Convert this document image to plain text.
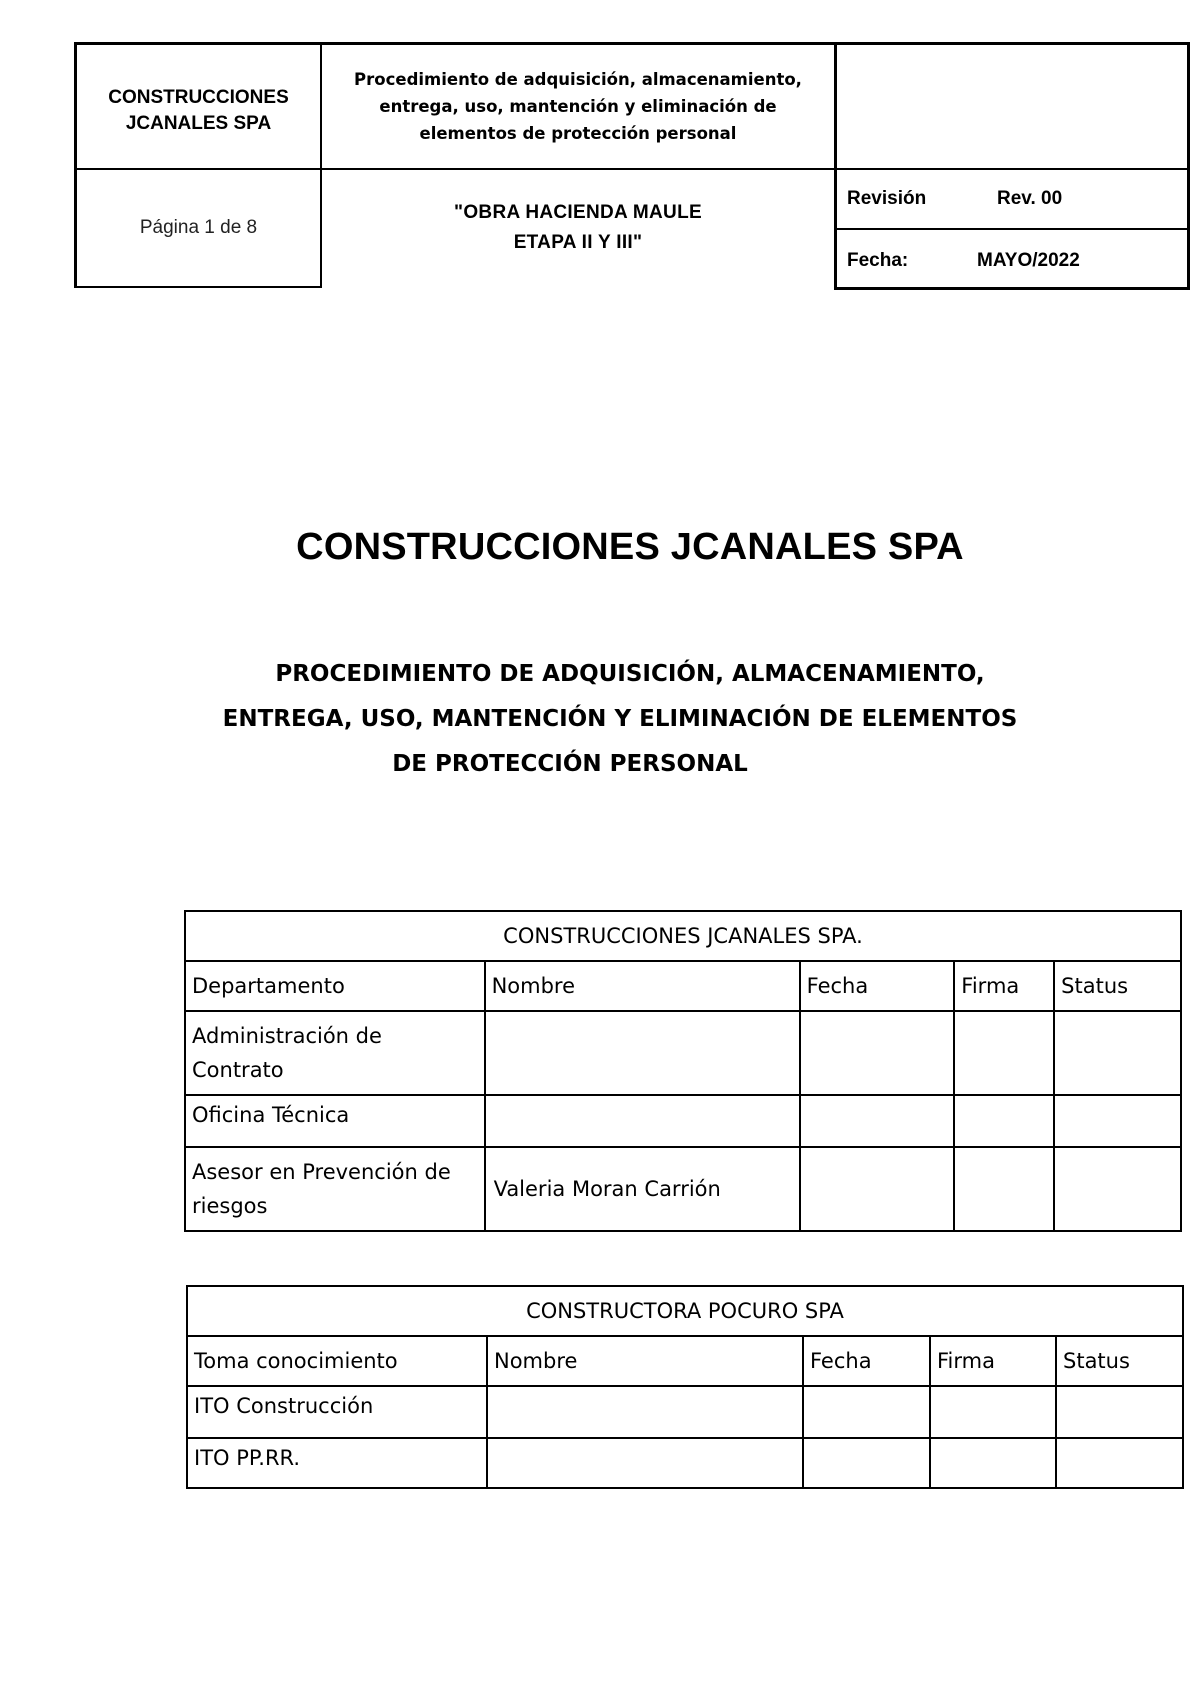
CONSTRUCCIONES JCANALES SPA
Procedimiento de adquisición, almacenamiento, entrega, uso, mantención y eliminación de elementos de protección personal
Página 1 de 8
"OBRA HACIENDA MAULE
ETAPA II Y III"
Revisión	Rev. 00
Fecha:	MAYO/2022
CONSTRUCCIONES JCANALES SPA
PROCEDIMIENTO DE ADQUISICIÓN, ALMACENAMIENTO,
ENTREGA, USO, MANTENCIÓN Y ELIMINACIÓN DE ELEMENTOS
DE PROTECCIÓN PERSONAL
CONSTRUCCIONES JCANALES SPA.				
Departamento	Nombre	Fecha	Firma	Status
Administración de Contrato				
Oficina Técnica				
Asesor en Prevención de riesgos	Valeria Moran Carrión			
CONSTRUCTORA POCURO SPA				
Toma conocimiento	Nombre	Fecha	Firma	Status
ITO Construcción				
ITO PP.RR.				
